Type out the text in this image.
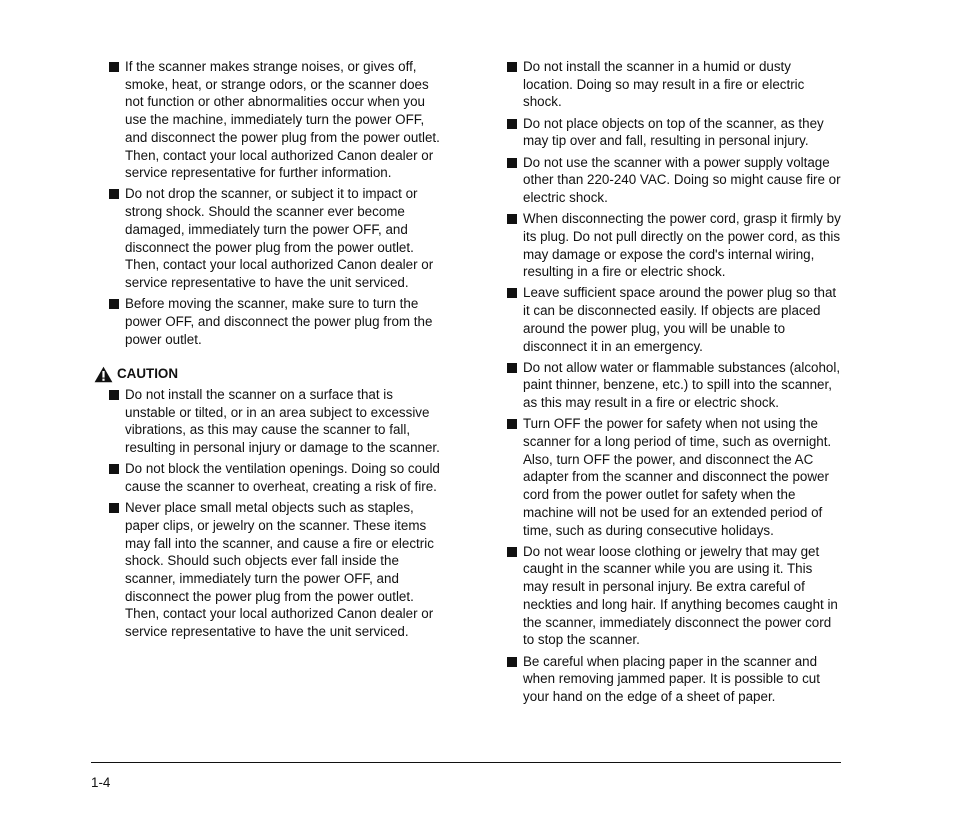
If the scanner makes strange noises, or gives off, smoke, heat, or strange odors, or the scanner does not function or other abnormalities occur when you use the machine, immediately turn the power OFF, and disconnect the power plug from the power outlet. Then, contact your local authorized Canon dealer or service representative for further information.
Do not drop the scanner, or subject it to impact or strong shock. Should the scanner ever become damaged, immediately turn the power OFF, and disconnect the power plug from the power outlet. Then, contact your local authorized Canon dealer or service representative to have the unit serviced.
Before moving the scanner, make sure to turn the power OFF, and disconnect the power plug from the power outlet.
CAUTION
Do not install the scanner on a surface that is unstable or tilted, or in an area subject to excessive vibrations, as this may cause the scanner to fall, resulting in personal injury or damage to the scanner.
Do not block the ventilation openings. Doing so could cause the scanner to overheat, creating a risk of fire.
Never place small metal objects such as staples, paper clips, or jewelry on the scanner. These items may fall into the scanner, and cause a fire or electric shock. Should such objects ever fall inside the scanner, immediately turn the power OFF, and disconnect the power plug from the power outlet. Then, contact your local authorized Canon dealer or service representative to have the unit serviced.
Do not install the scanner in a humid or dusty location. Doing so may result in a fire or electric shock.
Do not place objects on top of the scanner, as they may tip over and fall, resulting in personal injury.
Do not use the scanner with a power supply voltage other than 220-240 VAC. Doing so might cause fire or electric shock.
When disconnecting the power cord, grasp it firmly by its plug. Do not pull directly on the power cord, as this may damage or expose the cord's internal wiring, resulting in a fire or electric shock.
Leave sufficient space around the power plug so that it can be disconnected easily. If objects are placed around the power plug, you will be unable to disconnect it in an emergency.
Do not allow water or flammable substances (alcohol, paint thinner, benzene, etc.) to spill into the scanner, as this may result in a fire or electric shock.
Turn OFF the power for safety when not using the scanner for a long period of time, such as overnight. Also, turn OFF the power, and disconnect the AC adapter from the scanner and disconnect the power cord from the power outlet for safety when the machine will not be used for an extended period of time, such as during consecutive holidays.
Do not wear loose clothing or jewelry that may get caught in the scanner while you are using it. This may result in personal injury. Be extra careful of neckties and long hair. If anything becomes caught in the scanner, immediately disconnect the power cord to stop the scanner.
Be careful when placing paper in the scanner and when removing jammed paper. It is possible to cut your hand on the edge of a sheet of paper.
1-4
